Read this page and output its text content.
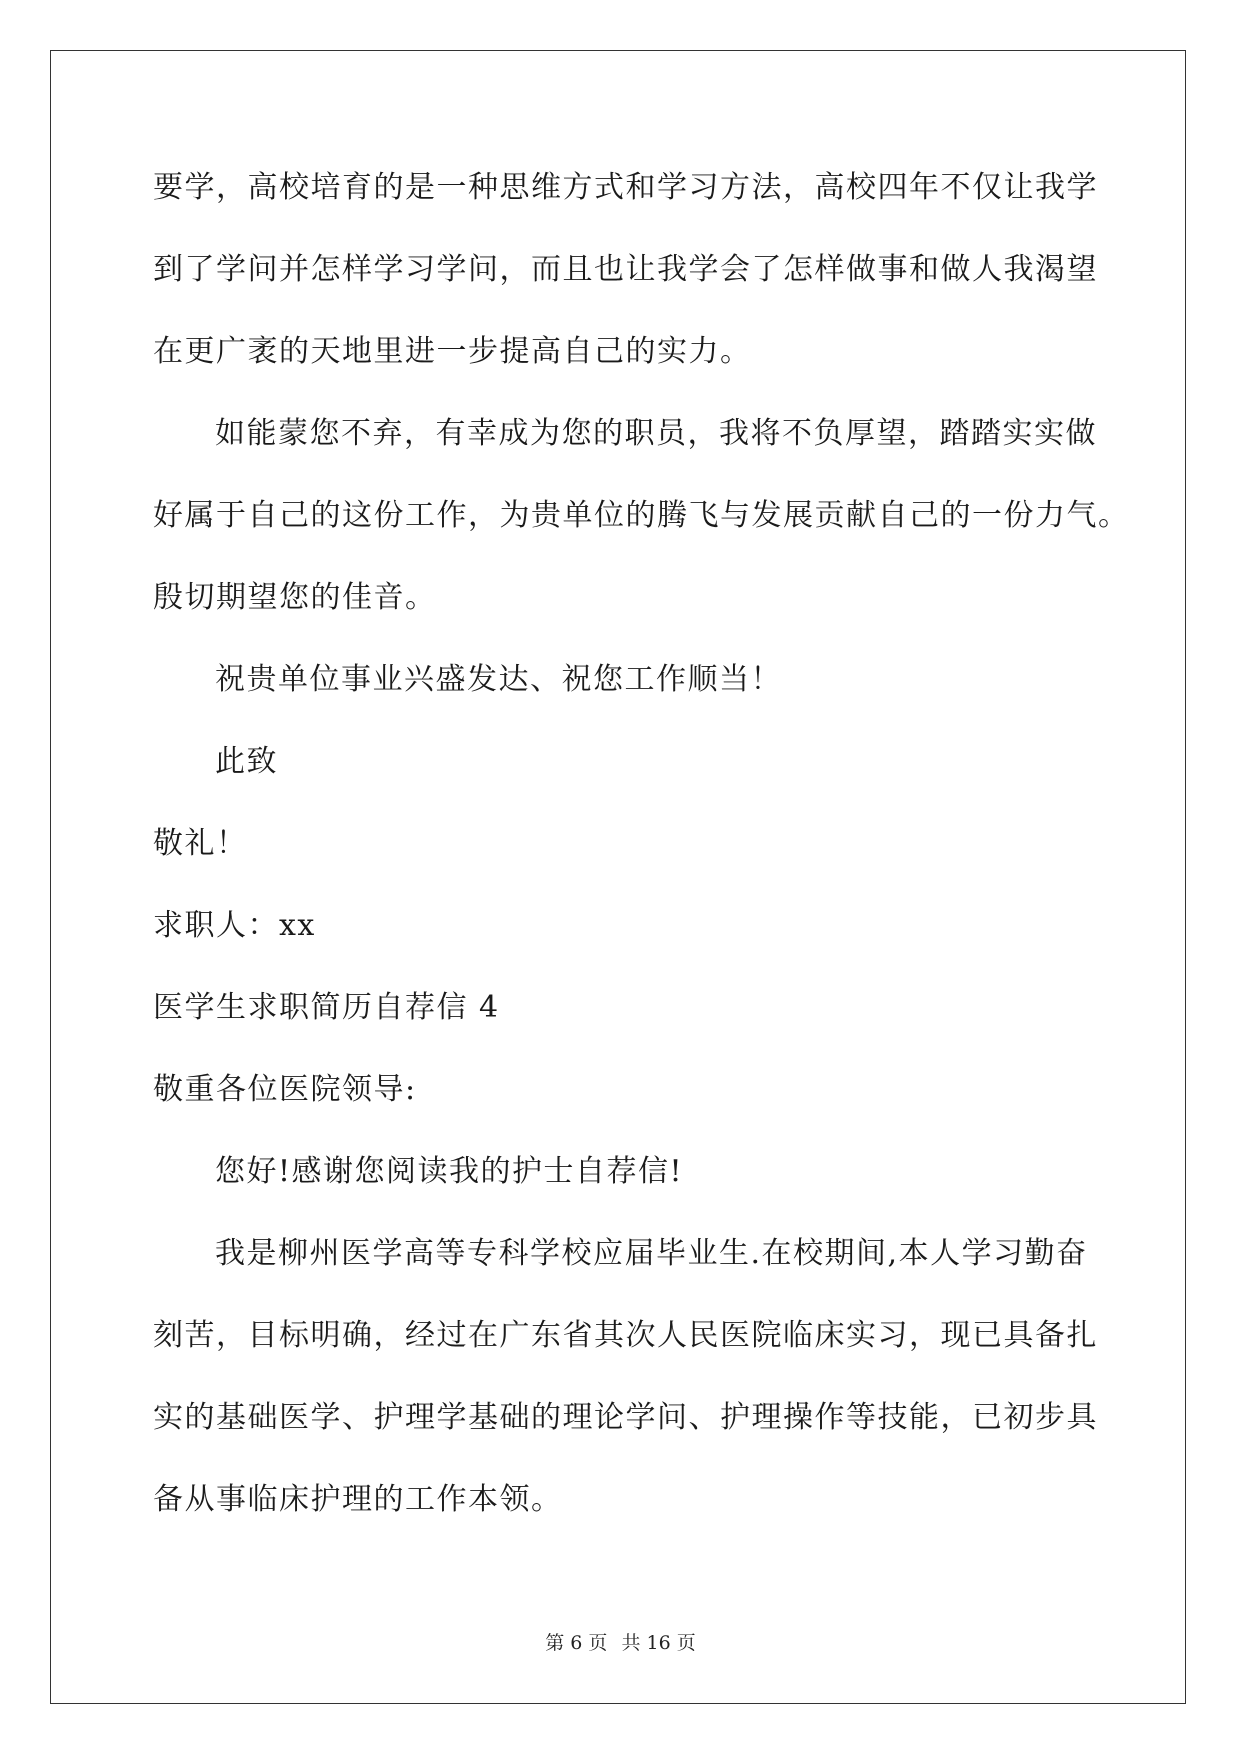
要学，高校培育的是一种思维方式和学习方法，高校四年不仅让我学
到了学问并怎样学习学问，而且也让我学会了怎样做事和做人我渴望
在更广袤的天地里进一步提高自己的实力。
如能蒙您不弃，有幸成为您的职员，我将不负厚望，踏踏实实做
好属于自己的这份工作，为贵单位的腾飞与发展贡献自己的一份力气。
殷切期望您的佳音。
祝贵单位事业兴盛发达、祝您工作顺当！
此致
敬礼！
求职人：xx
医学生求职简历自荐信 4
敬重各位医院领导:
您好!感谢您阅读我的护士自荐信!
我是柳州医学高等专科学校应届毕业生.在校期间,本人学习勤奋
刻苦，目标明确，经过在广东省其次人民医院临床实习，现已具备扎
实的基础医学、护理学基础的理论学问、护理操作等技能，已初步具
备从事临床护理的工作本领。
第 6 页 共 16 页
